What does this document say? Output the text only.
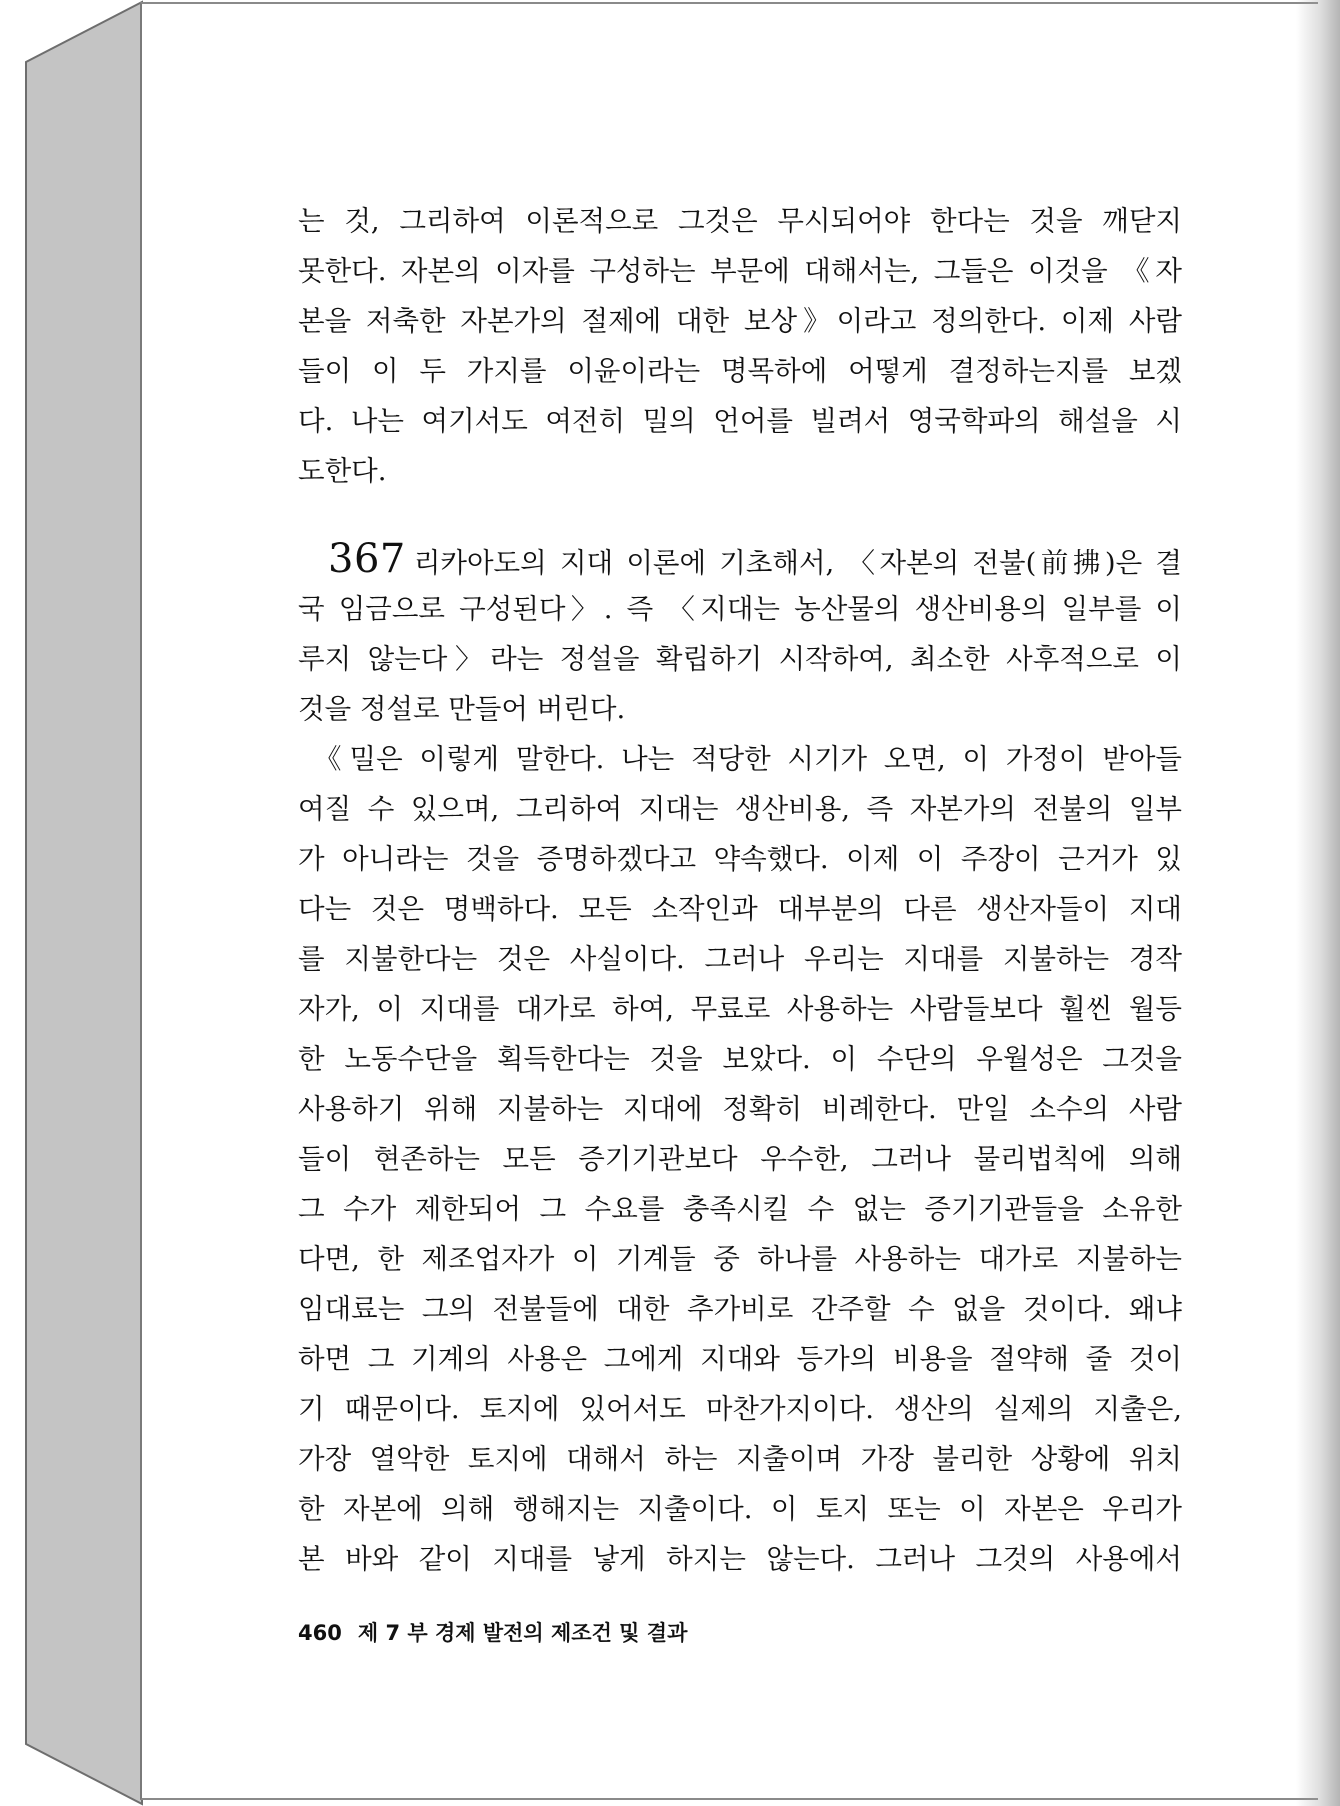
는 것, 그리하여 이론적으로 그것은 무시되어야 한다는 것을 깨닫지
못한다. 자본의 이자를 구성하는 부문에 대해서는, 그들은 이것을 《자
본을 저축한 자본가의 절제에 대한 보상》이라고 정의한다. 이제 사람
들이 이 두 가지를 이윤이라는 명목하에 어떻게 결정하는지를 보겠
다. 나는 여기서도 여전히 밀의 언어를 빌려서 영국학파의 해설을 시
도한다.
367 리카아도의 지대 이론에 기초해서, 〈자본의 전불(前拂)은 결
국 임금으로 구성된다〉. 즉 〈지대는 농산물의 생산비용의 일부를 이
루지 않는다〉라는 정설을 확립하기 시작하여, 최소한 사후적으로 이
것을 정설로 만들어 버린다.
《밀은 이렇게 말한다. 나는 적당한 시기가 오면, 이 가정이 받아들
여질 수 있으며, 그리하여 지대는 생산비용, 즉 자본가의 전불의 일부
가 아니라는 것을 증명하겠다고 약속했다. 이제 이 주장이 근거가 있
다는 것은 명백하다. 모든 소작인과 대부분의 다른 생산자들이 지대
를 지불한다는 것은 사실이다. 그러나 우리는 지대를 지불하는 경작
자가, 이 지대를 대가로 하여, 무료로 사용하는 사람들보다 훨씬 월등
한 노동수단을 획득한다는 것을 보았다. 이 수단의 우월성은 그것을
사용하기 위해 지불하는 지대에 정확히 비례한다. 만일 소수의 사람
들이 현존하는 모든 증기기관보다 우수한, 그러나 물리법칙에 의해
그 수가 제한되어 그 수요를 충족시킬 수 없는 증기기관들을 소유한
다면, 한 제조업자가 이 기계들 중 하나를 사용하는 대가로 지불하는
임대료는 그의 전불들에 대한 추가비로 간주할 수 없을 것이다. 왜냐
하면 그 기계의 사용은 그에게 지대와 등가의 비용을 절약해 줄 것이
기 때문이다. 토지에 있어서도 마찬가지이다. 생산의 실제의 지출은,
가장 열악한 토지에 대해서 하는 지출이며 가장 불리한 상황에 위치
한 자본에 의해 행해지는 지출이다. 이 토지 또는 이 자본은 우리가
본 바와 같이 지대를 낳게 하지는 않는다. 그러나 그것의 사용에서
460 제 7 부 경제 발전의 제조건 및 결과
